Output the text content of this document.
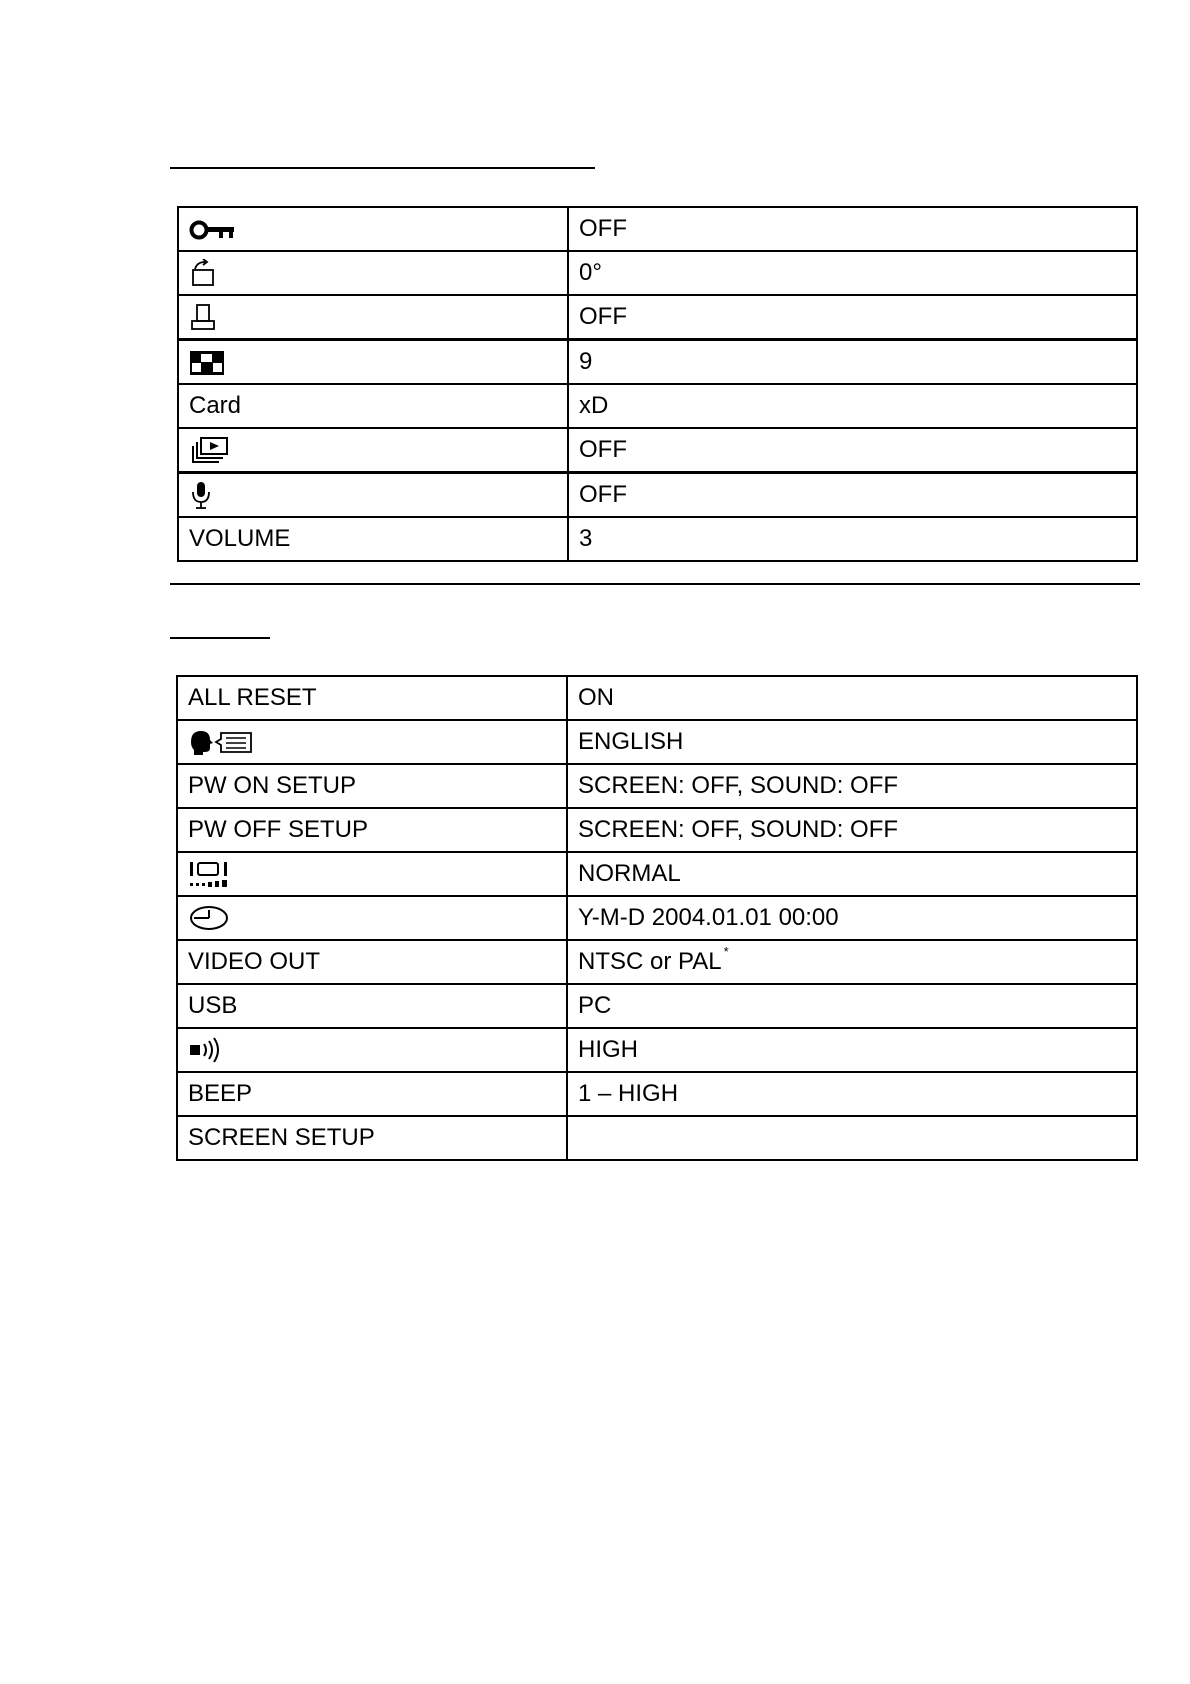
	OFF
	0°
	OFF
	9
Card	xD
	OFF
	OFF
VOLUME	3
ALL RESET	ON
	ENGLISH
PW ON SETUP	SCREEN: OFF, SOUND: OFF
PW OFF SETUP	SCREEN: OFF, SOUND: OFF
	NORMAL
	Y-M-D 2004.01.01 00:00
VIDEO OUT	NTSC or PAL *
USB	PC
	HIGH
BEEP	1 – HIGH
SCREEN SETUP	
